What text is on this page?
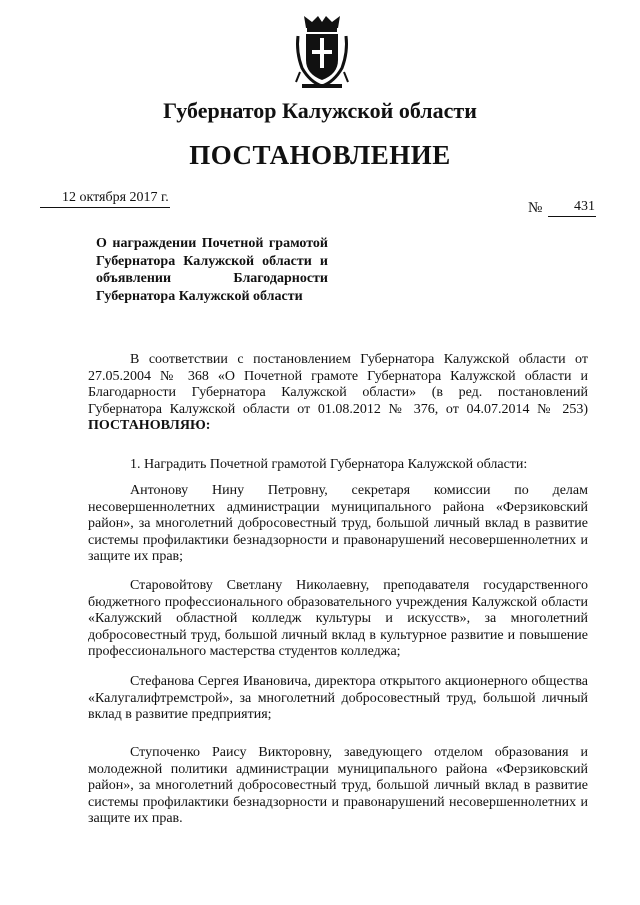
Губернатор Калужской области
ПОСТАНОВЛЕНИЕ
12 октября 2017 г.
№ 431
О награждении Почетной грамотой Губернатора Калужской области и объявлении Благодарности Губернатора Калужской области

В соответствии с постановлением Губернатора Калужской области от 27.05.2004 № 368 «О Почетной грамоте Губернатора Калужской области и Благодарности Губернатора Калужской области» (в ред. постановлений Губернатора Калужской области от 01.08.2012 № 376, от 04.07.2014 № 253) ПОСТАНОВЛЯЮ:

1. Наградить Почетной грамотой Губернатора Калужской области:

Антонову Нину Петровну, секретаря комиссии по делам несовершеннолетних администрации муниципального района «Ферзиковский район», за многолетний добросовестный труд, большой личный вклад в развитие системы профилактики безнадзорности и правонарушений несовершеннолетних и защите их прав;

Старовойтову Светлану Николаевну, преподавателя государственного бюджетного профессионального образовательного учреждения Калужской области «Калужский областной колледж культуры и искусств», за многолетний добросовестный труд, большой личный вклад в культурное развитие и повышение профессионального мастерства студентов колледжа;

Стефанова Сергея Ивановича, директора открытого акционерного общества «Калугалифтремстрой», за многолетний добросовестный труд, большой личный вклад в развитие предприятия;

Ступоченко Раису Викторовну, заведующего отделом образования и молодежной политики администрации муниципального района «Ферзиковский район», за многолетний добросовестный труд, большой личный вклад в развитие системы профилактики безнадзорности и правонарушений несовершеннолетних и защите их прав.
